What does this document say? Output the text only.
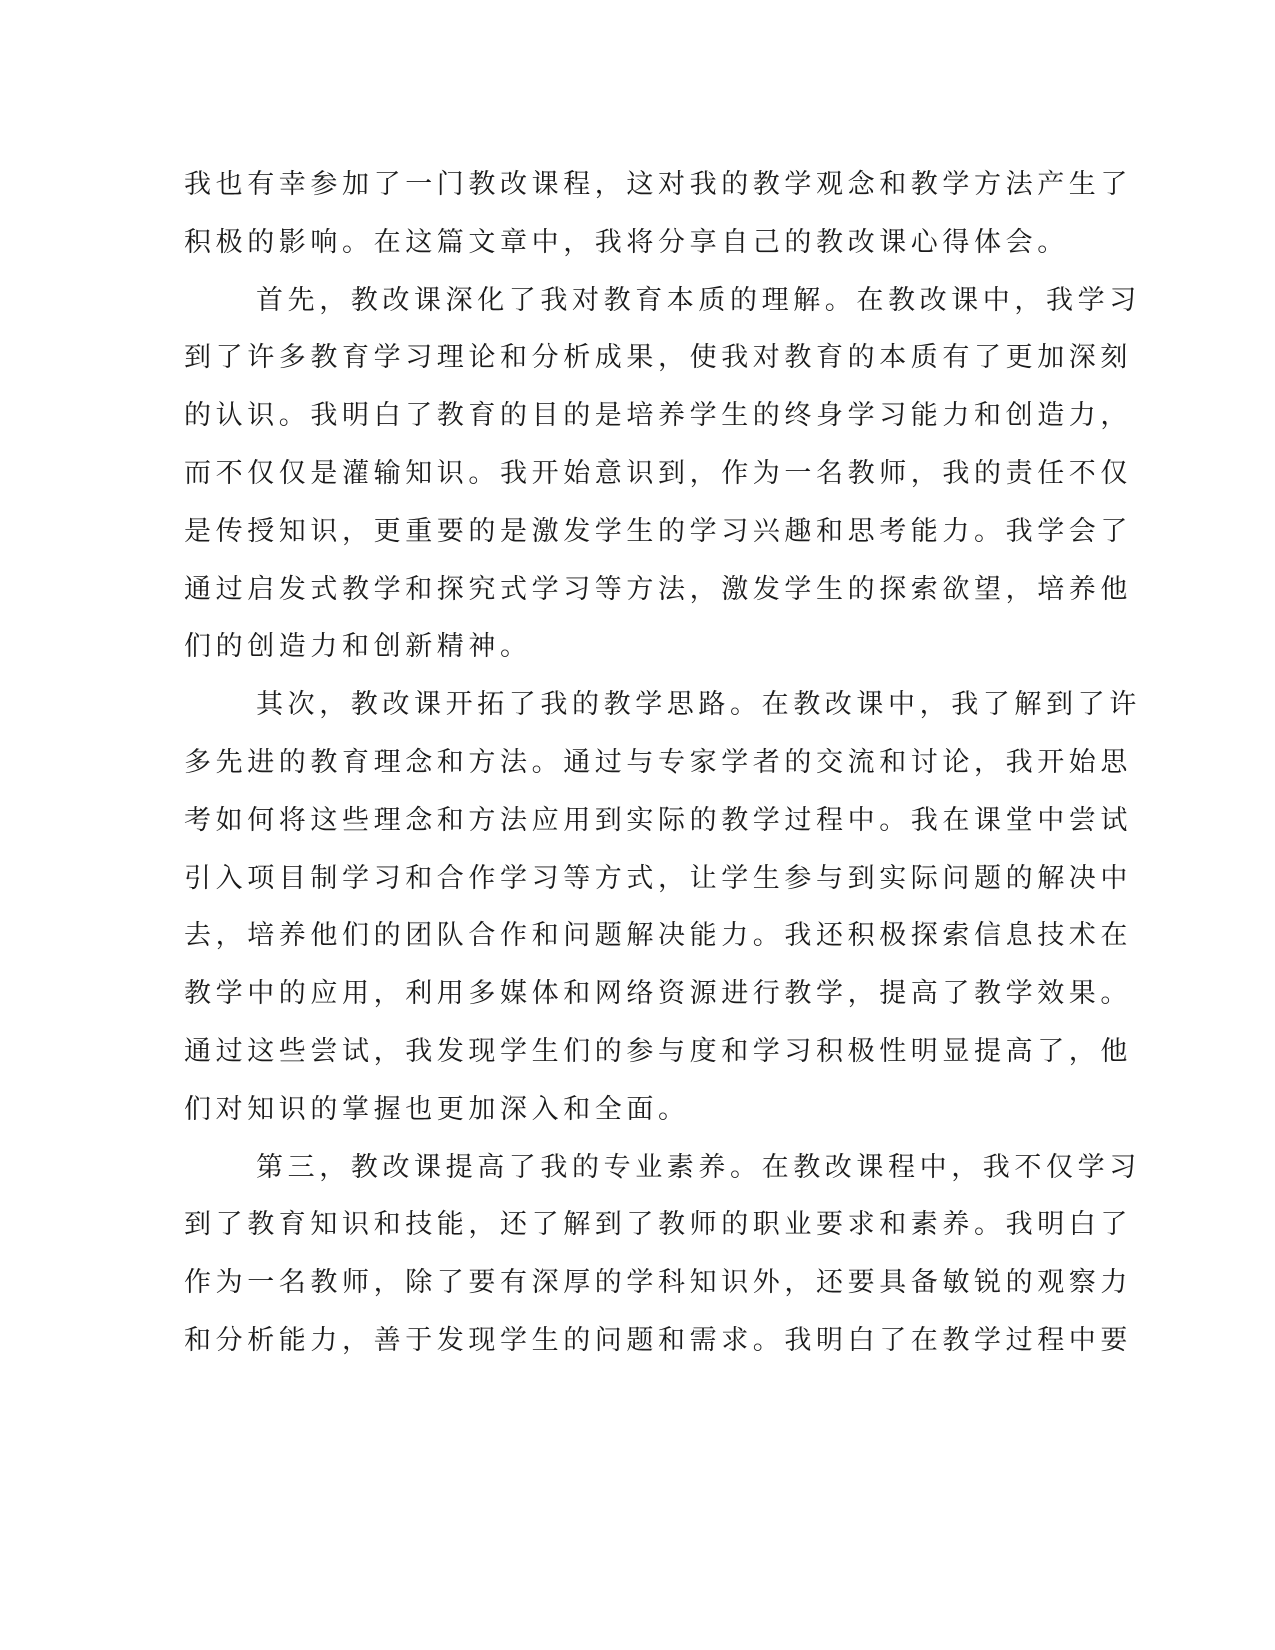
我也有幸参加了一门教改课程，这对我的教学观念和教学方法产生了
积极的影响。在这篇文章中，我将分享自己的教改课心得体会。
首先，教改课深化了我对教育本质的理解。在教改课中，我学习
到了许多教育学习理论和分析成果，使我对教育的本质有了更加深刻
的认识。我明白了教育的目的是培养学生的终身学习能力和创造力，
而不仅仅是灌输知识。我开始意识到，作为一名教师，我的责任不仅
是传授知识，更重要的是激发学生的学习兴趣和思考能力。我学会了
通过启发式教学和探究式学习等方法，激发学生的探索欲望，培养他
们的创造力和创新精神。
其次，教改课开拓了我的教学思路。在教改课中，我了解到了许
多先进的教育理念和方法。通过与专家学者的交流和讨论，我开始思
考如何将这些理念和方法应用到实际的教学过程中。我在课堂中尝试
引入项目制学习和合作学习等方式，让学生参与到实际问题的解决中
去，培养他们的团队合作和问题解决能力。我还积极探索信息技术在
教学中的应用，利用多媒体和网络资源进行教学，提高了教学效果。
通过这些尝试，我发现学生们的参与度和学习积极性明显提高了，他
们对知识的掌握也更加深入和全面。
第三，教改课提高了我的专业素养。在教改课程中，我不仅学习
到了教育知识和技能，还了解到了教师的职业要求和素养。我明白了
作为一名教师，除了要有深厚的学科知识外，还要具备敏锐的观察力
和分析能力，善于发现学生的问题和需求。我明白了在教学过程中要
